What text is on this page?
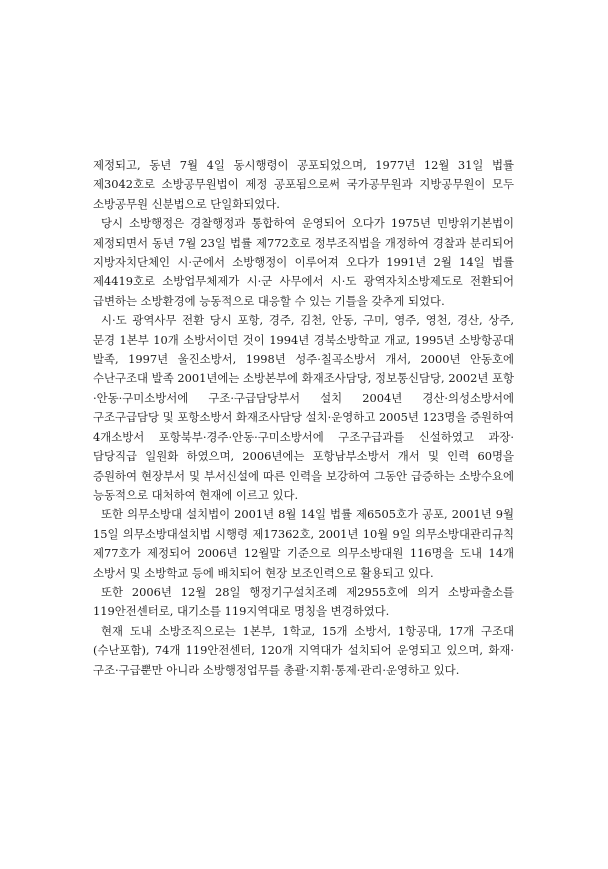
제정되고, 동년 7월 4일 동시행령이 공포되었으며, 1977년 12월 31일 법률 제3042호로 소방공무원법이 제정 공포됨으로써 국가공무원과 지방공무원이 모두 소방공무원 신분법으로 단일화되었다.

당시 소방행정은 경찰행정과 통합하여 운영되어 오다가 1975년 민방위기본법이 제정되면서 동년 7월 23일 법률 제772호로 정부조직법을 개정하여 경찰과 분리되어 지방자치단체인 시·군에서 소방행정이 이루어져 오다가 1991년 2월 14일 법률 제4419호로 소방업무체제가 시·군 사무에서 시·도 광역자치소방제도로 전환되어 급변하는 소방환경에 능동적으로 대응할 수 있는 기틀을 갖추게 되었다.

시·도 광역사무 전환 당시 포항, 경주, 김천, 안동, 구미, 영주, 영천, 경산, 상주, 문경 1본부 10개 소방서이던 것이 1994년 경북소방학교 개교, 1995년 소방항공대 발족, 1997년 울진소방서, 1998년 성주·칠곡소방서 개서, 2000년 안동호에 수난구조대 발족 2001년에는 소방본부에 화재조사담당, 정보통신담당, 2002년 포항·안동·구미소방서에 구조·구급담당부서 설치 2004년 경산·의성소방서에 구조구급담당 및 포항소방서 화재조사담당 설치·운영하고 2005년 123명을 증원하여 4개소방서 포항북부·경주·안동·구미소방서에 구조구급과를 신설하였고 과장·담당직급 일원화 하였으며, 2006년에는 포항남부소방서 개서 및 인력 60명을 증원하여 현장부서 및 부서신설에 따른 인력을 보강하여 그동안 급증하는 소방수요에 능동적으로 대처하여 현재에 이르고 있다.

또한 의무소방대 설치법이 2001년 8월 14일 법률 제6505호가 공포, 2001년 9월 15일 의무소방대설치법 시행령 제17362호, 2001년 10월 9일 의무소방대관리규칙 제77호가 제정되어 2006년 12월말 기준으로 의무소방대원 116명을 도내 14개 소방서 및 소방학교 등에 배치되어 현장 보조인력으로 활용되고 있다.

또한 2006년 12월 28일 행정기구설치조례 제2955호에 의거 소방파출소를 119안전센터로, 대기소를 119지역대로 명칭을 변경하였다.

현재 도내 소방조직으로는 1본부, 1학교, 15개 소방서, 1항공대, 17개 구조대(수난포함), 74개 119안전센터, 120개 지역대가 설치되어 운영되고 있으며, 화재·구조·구급뿐만 아니라 소방행정업무를 총괄·지휘·통제·관리·운영하고 있다.
